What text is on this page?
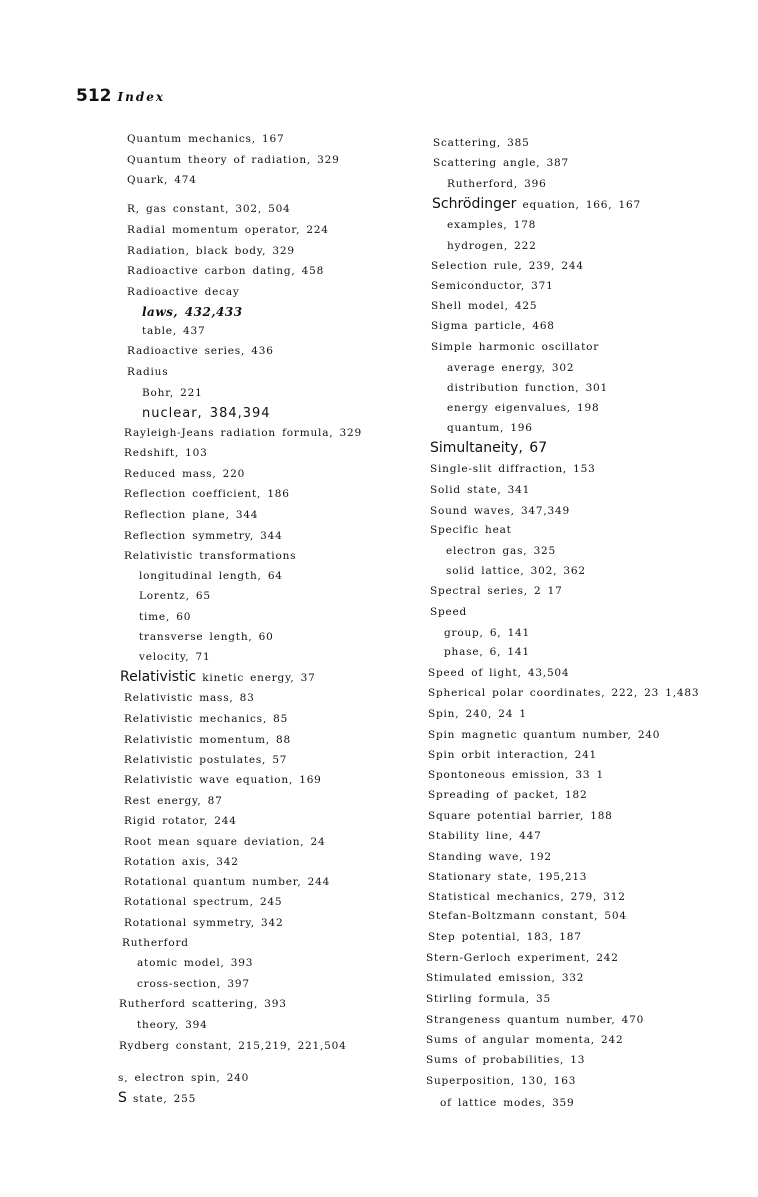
512 Index
Quantum mechanics, 167
Quantum theory of radiation, 329
Quark, 474
R, gas constant, 302, 504
Radial momentum operator, 224
Radiation, black body, 329
Radioactive carbon dating, 458
Radioactive decay
laws, 432,433
table, 437
Radioactive series, 436
Radius
Bohr, 221
nuclear, 384,394
Rayleigh-Jeans radiation formula, 329
Redshift, 103
Reduced mass, 220
Reflection coefficient, 186
Reflection plane, 344
Reflection symmetry, 344
Relativistic transformations
longitudinal length, 64
Lorentz, 65
time, 60
transverse length, 60
velocity, 71
Relativistic kinetic energy, 37
Relativistic mass, 83
Relativistic mechanics, 85
Relativistic momentum, 88
Relativistic postulates, 57
Relativistic wave equation, 169
Rest energy, 87
Rigid rotator, 244
Root mean square deviation, 24
Rotation axis, 342
Rotational quantum number, 244
Rotational spectrum, 245
Rotational symmetry, 342
Rutherford
atomic model, 393
cross-section, 397
Rutherford scattering, 393
theory, 394
Rydberg constant, 215,219, 221,504
s, electron spin, 240
S state, 255
Scattering, 385
Scattering angle, 387
Rutherford, 396
Schrödinger equation, 166, 167
examples, 178
hydrogen, 222
Selection rule, 239, 244
Semiconductor, 371
Shell model, 425
Sigma particle, 468
Simple harmonic oscillator
average energy, 302
distribution function, 301
energy eigenvalues, 198
quantum, 196
Simultaneity, 67
Single-slit diffraction, 153
Solid state, 341
Sound waves, 347,349
Specific heat
electron gas, 325
solid lattice, 302, 362
Spectral series, 2 17
Speed
group, 6, 141
phase, 6, 141
Speed of light, 43,504
Spherical polar coordinates, 222, 23 1,483
Spin, 240, 24 1
Spin magnetic quantum number, 240
Spin orbit interaction, 241
Spontoneous emission, 33 1
Spreading of packet, 182
Square potential barrier, 188
Stability line, 447
Standing wave, 192
Stationary state, 195,213
Statistical mechanics, 279, 312
Stefan-Boltzmann constant, 504
Step potential, 183, 187
Stern-Gerloch experiment, 242
Stimulated emission, 332
Stirling formula, 35
Strangeness quantum number, 470
Sums of angular momenta, 242
Sums of probabilities, 13
Superposition, 130, 163
of lattice modes, 359
